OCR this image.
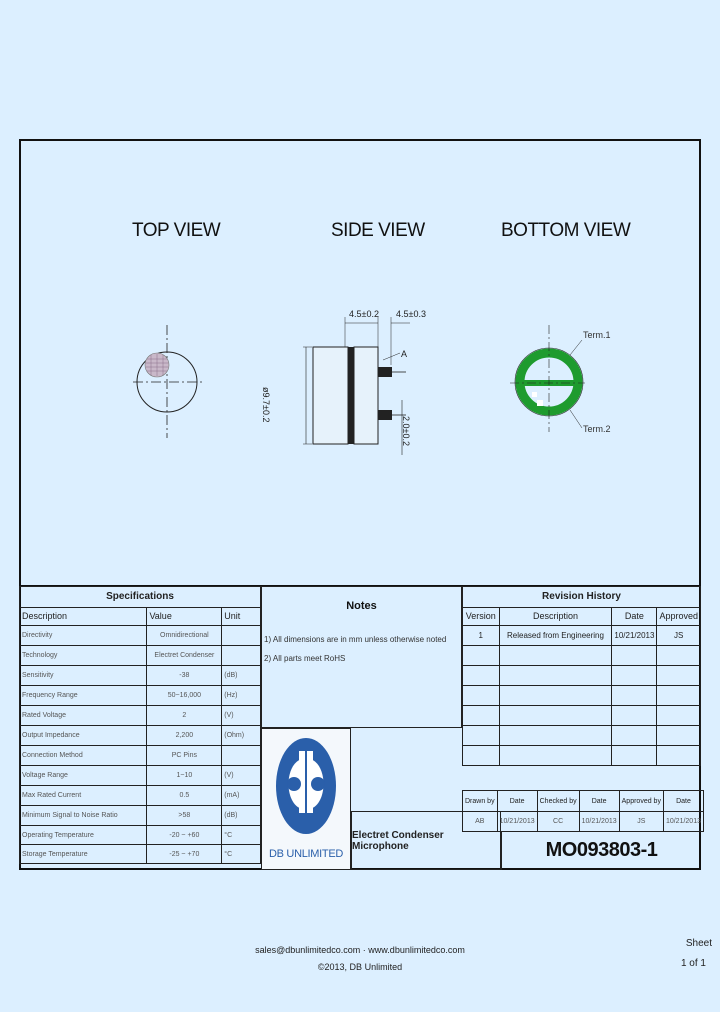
TOP VIEW	SIDE VIEW	BOTTOM VIEW
4.5±0.2 4.5±0.3
A
ø9.7±0.2
2.0±0.2
Term.1
Term.2
Specifications		
Description	Value	Unit
Directivity	Omnidirectional	
Technology	Electret Condenser	
Sensitivity	-38	(dB)
Frequency Range	50~16,000	(Hz)
Rated Voltage	2	(V)
Output Impedance	2,200	(Ohm)
Connection Method	PC Pins	
Voltage Range	1~10	(V)
Max Rated Current	0.5	(mA)
Minimum Signal to Noise Ratio	>58	(dB)
Operating Temperature	-20 ~ +60	°C
Storage Temperature	-25 ~ +70	°C
Notes
1) All dimensions are in mm unless otherwise noted
2) All parts meet RoHS
DB UNLIMITED
Electret Condenser Microphone
Revision History			
Version	Description	Date	Approved
1	Released from Engineering	10/21/2013	JS

Drawn by	Date	Checked by	Date	Approved by	Date
AB	10/21/2013	CC	10/21/2013	JS	10/21/2013
MO093803-1
sales@dbunlimitedco.com · www.dbunlimitedco.com
©2013, DB Unlimited
Sheet
1 of 1
